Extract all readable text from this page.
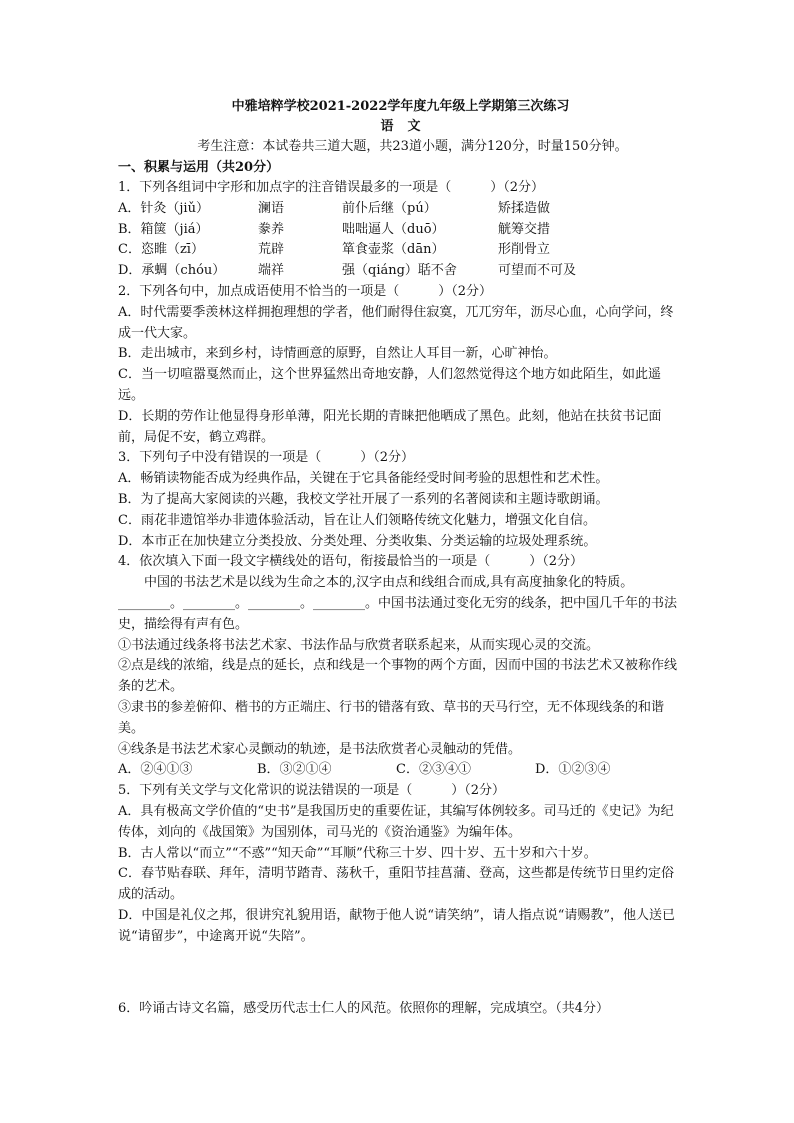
中雅培粹学校2021-2022学年度九年级上学期第三次练习

语文

考生注意：本试卷共三道大题，共23道小题，满分120分，时量150分钟。

一、积累与运用（共20分）

1．下列各组词中字形和加点字的注音错误最多的一项是（　　　）（2分）

A．针灸（jiǔ）	澜语	前仆后继（pú）	矫揉造做
B．箱箧（jiá）	豢养	咄咄逼人（duō）	觥筹交措
C．恣睢（zī）	荒辟	箪食壶浆（dān）	形削骨立
D．承蜩（chóu）	端祥	强（qiáng）聒不舍	可望而不可及

2．下列各句中，加点成语使用不恰当的一项是（　　　）（2分）

A．时代需要季羡林这样拥抱理想的学者，他们耐得住寂寞，兀兀穷年，沥尽心血，心向学问，终成一代大家。

B．走出城市，来到乡村，诗情画意的原野，自然让人耳目一新，心旷神怡。

C．当一切喧嚣戛然而止，这个世界猛然出奇地安静，人们忽然觉得这个地方如此陌生，如此遥远。

D．长期的劳作让他显得身形单薄，阳光长期的青睐把他晒成了黑色。此刻，他站在扶贫书记面前，局促不安，鹤立鸡群。

3．下列句子中没有错误的一项是（　　　）（2分）

A．畅销读物能否成为经典作品，关键在于它具备能经受时间考验的思想性和艺术性。

B．为了提高大家阅读的兴趣，我校文学社开展了一系列的名著阅读和主题诗歌朗诵。

C．雨花非遗馆举办非遗体验活动，旨在让人们领略传统文化魅力，增强文化自信。

D．本市正在加快建立分类投放、分类处理、分类收集、分类运输的垃圾处理系统。

4．依次填入下面一段文字横线处的语句，衔接最恰当的一项是（　　　）（2分）

中国的书法艺术是以线为生命之本的,汉字由点和线组合而成,具有高度抽象化的特质。

________。________。________。________。中国书法通过变化无穷的线条，把中国几千年的书法史，描绘得有声有色。

①书法通过线条将书法艺术家、书法作品与欣赏者联系起来，从而实现心灵的交流。

②点是线的浓缩，线是点的延长，点和线是一个事物的两个方面，因而中国的书法艺术又被称作线条的艺术。

③隶书的参差俯仰、楷书的方正端庄、行书的错落有致、草书的天马行空，无不体现线条的和谐美。

④线条是书法艺术家心灵颤动的轨迹，是书法欣赏者心灵触动的凭借。

A．②④①③	B．③②①④	C．②③④①	D．①②③④

5．下列有关文学与文化常识的说法错误的一项是（　　　）（2分）

A．具有极高文学价值的“史书”是我国历史的重要佐证，其编写体例较多。司马迁的《史记》为纪传体，刘向的《战国策》为国别体，司马光的《资治通鉴》为编年体。

B．古人常以“而立”“不惑”“知天命”“耳顺”代称三十岁、四十岁、五十岁和六十岁。

C．春节贴春联、拜年，清明节踏青、荡秋千，重阳节挂菖蒲、登高，这些都是传统节日里约定俗成的活动。

D．中国是礼仪之邦，很讲究礼貌用语，献物于他人说“请笑纳”，请人指点说“请赐教”，他人送已说“请留步”，中途离开说“失陪”。

6．吟诵古诗文名篇，感受历代志士仁人的风范。依照你的理解，完成填空。（共4分）
